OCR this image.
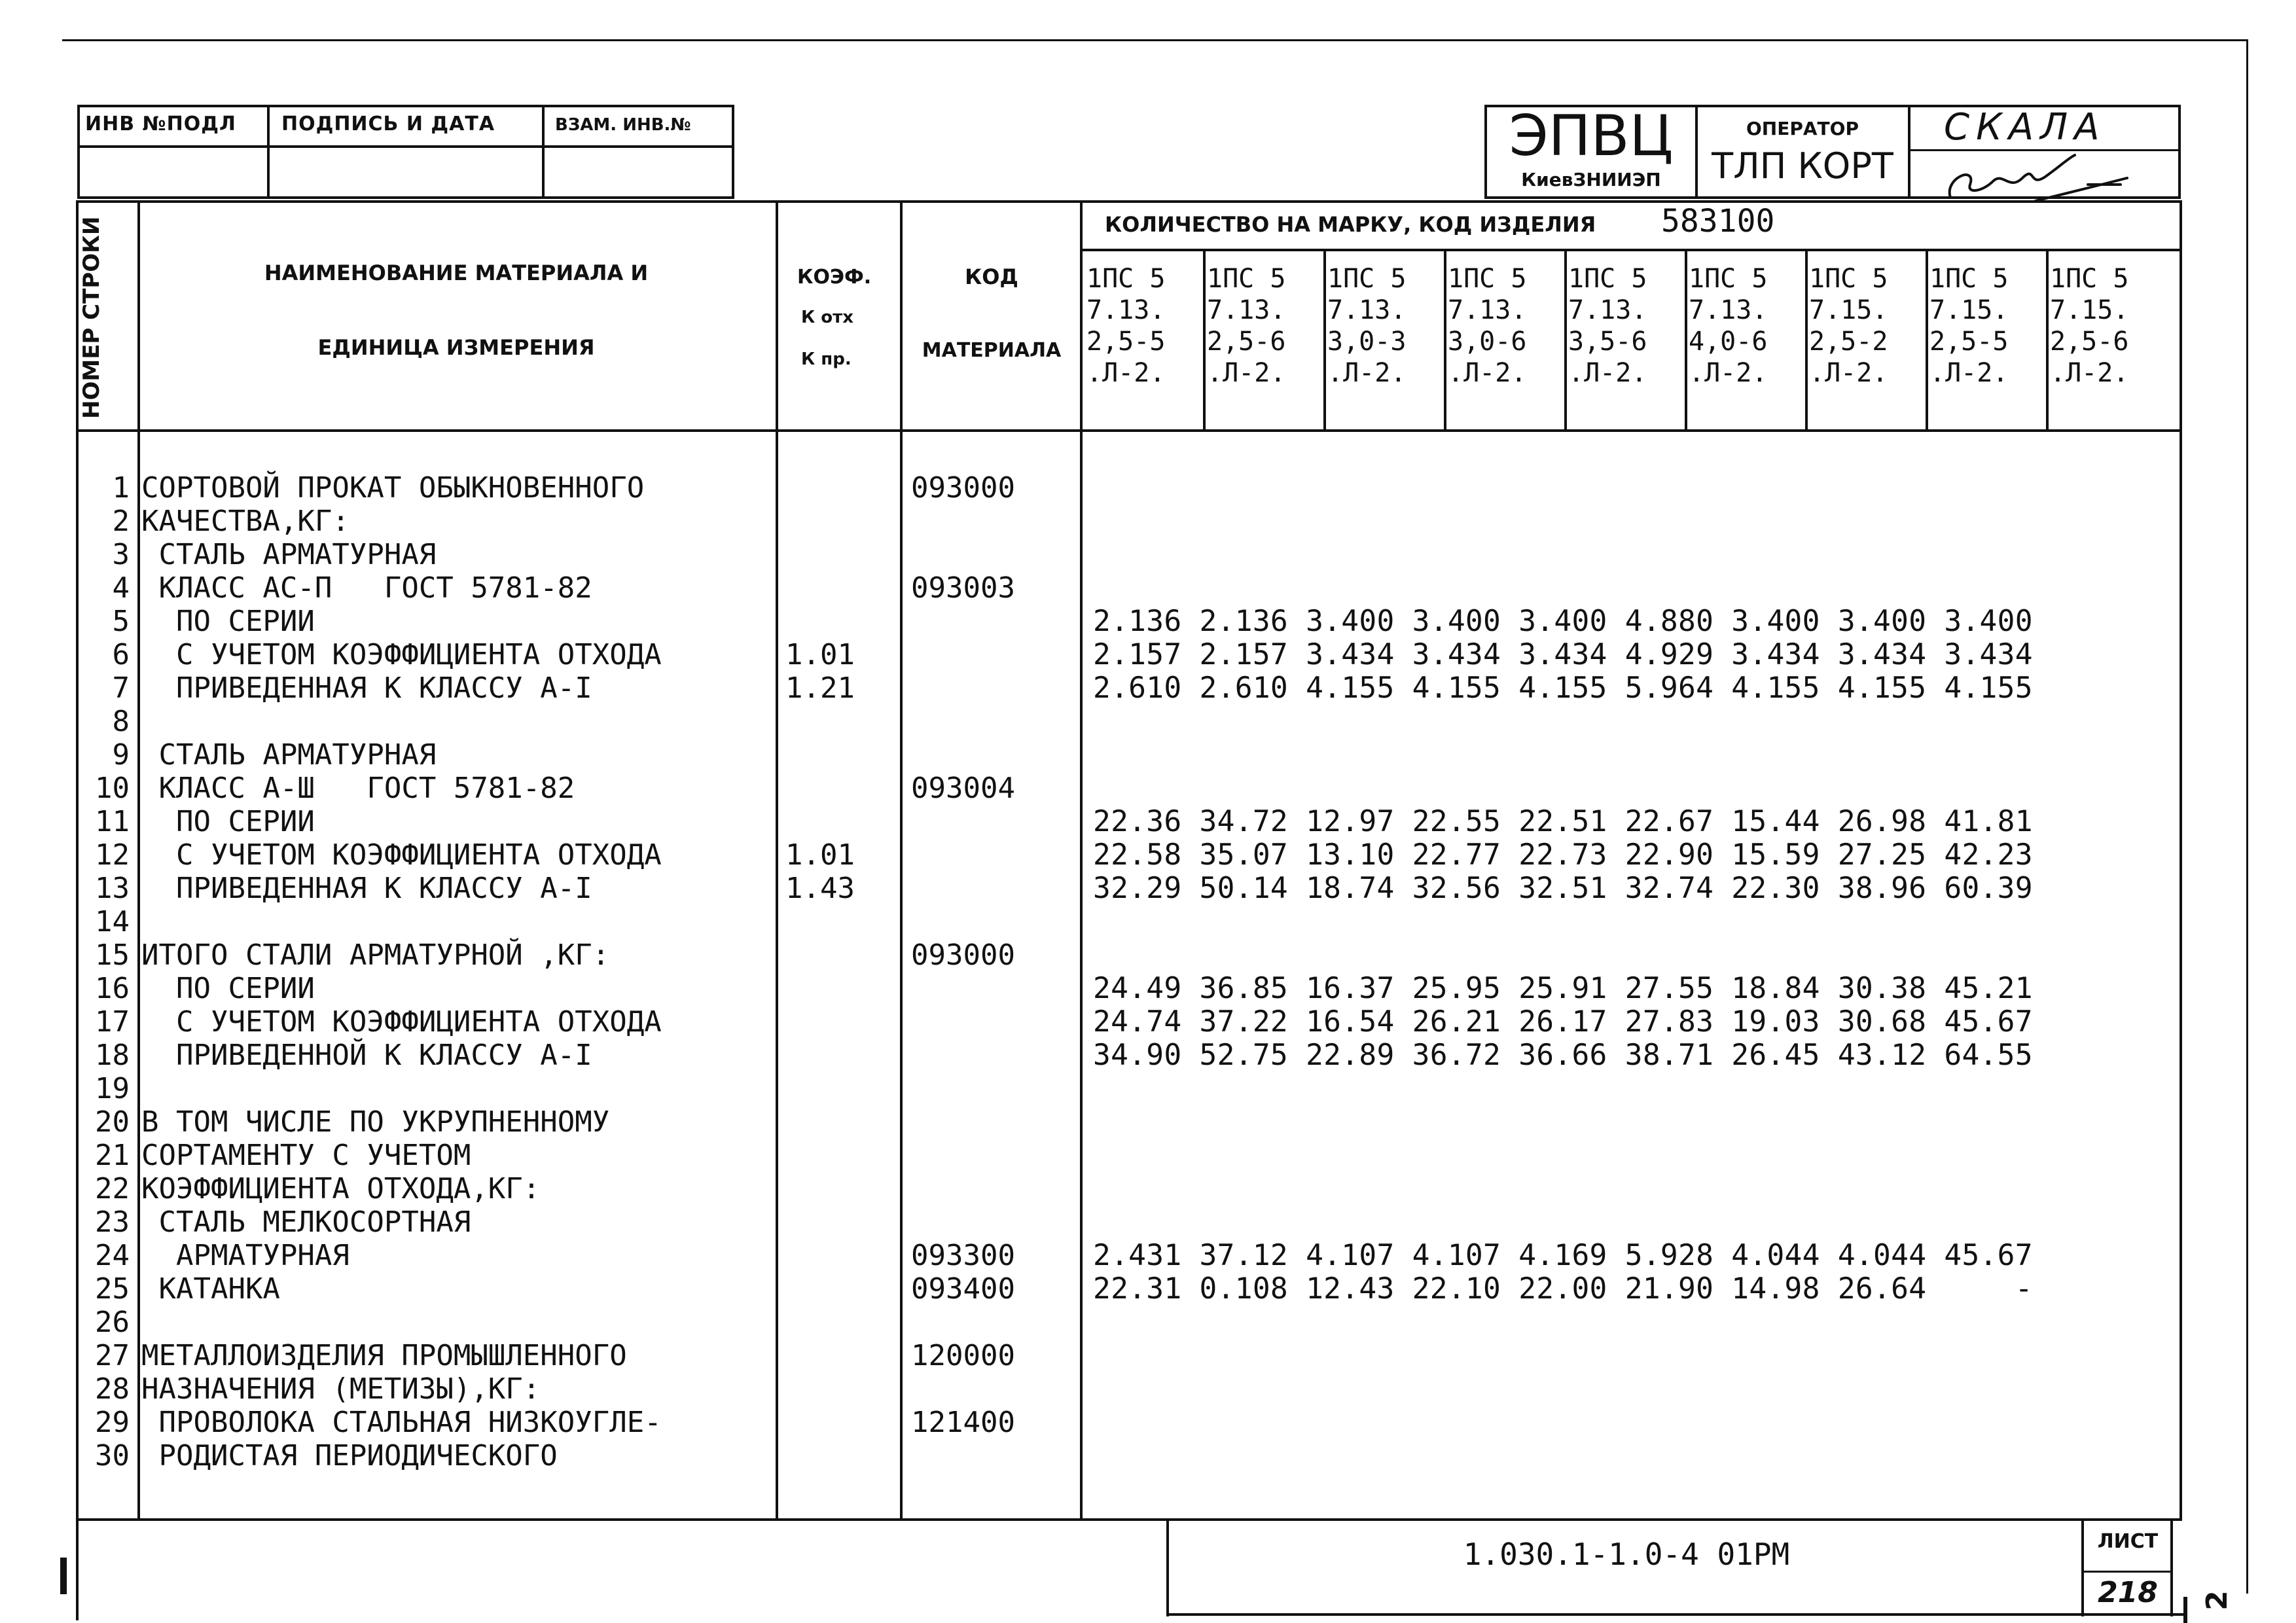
ИНВ №ПОДЛ ПОДПИСЬ И ДАТА	ВЗАМ. ИНВ.№	ЭПВЦ
КиевЗНИИЭП
ОПЕРАТОР
ТЛП КОРТ
СКАЛА
НОМЕР СТРОКИ	НАИМЕНОВАНИЕ МАТЕРИАЛА И
ЕДИНИЦА ИЗМЕРЕНИЯ
КОЭФ.
К отх
К пр.
КОД
МАТЕРИАЛА
КОЛИЧЕСТВО НА МАРКУ, КОД ИЗДЕЛИЯ 583100
1ПС 5
7.13.
2,5-5
.Л-2.
1ПС 5
7.13.
2,5-6
.Л-2.
1ПС 5
7.13.
3,0-3
.Л-2.
1ПС 5
7.13.
3,0-6
.Л-2.
1ПС 5
7.13.
3,5-6
.Л-2.
1ПС 5
7.13.
4,0-6
.Л-2.
1ПС 5
7.15.
2,5-2
.Л-2.
1ПС 5
7.15.
2,5-5
.Л-2.
1ПС 5
7.15.
2,5-6
.Л-2.
1 СОРТОВОЙ ПРОКАТ ОБЫКНОВЕННОГО	093000
2 КАЧЕСТВА,КГ:
3 СТАЛЬ АРМАТУРНАЯ
4 КЛАСС АС-П   ГОСТ 5781-82	093003
5 ПО СЕРИИ	2.136 2.136 3.400 3.400 3.400 4.880 3.400 3.400 3.400
6 С УЧЕТОМ КОЭФФИЦИЕНТА ОТХОДА	1.01	2.157 2.157 3.434 3.434 3.434 4.929 3.434 3.434 3.434
7 ПРИВЕДЕННАЯ К КЛАССУ А-I	1.21	2.610 2.610 4.155 4.155 4.155 5.964 4.155 4.155 4.155
8
9 СТАЛЬ АРМАТУРНАЯ
10 КЛАСС А-Ш   ГОСТ 5781-82	093004
11 ПО СЕРИИ	22.36 34.72 12.97 22.55 22.51 22.67 15.44 26.98 41.81
12 С УЧЕТОМ КОЭФФИЦИЕНТА ОТХОДА	1.01	22.58 35.07 13.10 22.77 22.73 22.90 15.59 27.25 42.23
13 ПРИВЕДЕННАЯ К КЛАССУ А-I	1.43	32.29 50.14 18.74 32.56 32.51 32.74 22.30 38.96 60.39
14
15 ИТОГО СТАЛИ АРМАТУРНОЙ ,КГ:	093000
16 ПО СЕРИИ	24.49 36.85 16.37 25.95 25.91 27.55 18.84 30.38 45.21
17 С УЧЕТОМ КОЭФФИЦИЕНТА ОТХОДА	24.74 37.22 16.54 26.21 26.17 27.83 19.03 30.68 45.67
18 ПРИВЕДЕННОЙ К КЛАССУ А-I	34.90 52.75 22.89 36.72 36.66 38.71 26.45 43.12 64.55
19
20 В ТОМ ЧИСЛЕ ПО УКРУПНЕННОМУ
21 СОРТАМЕНТУ С УЧЕТОМ
22 КОЭФФИЦИЕНТА ОТХОДА,КГ:
23 СТАЛЬ МЕЛКОСОРТНАЯ
24 АРМАТУРНАЯ	093300	2.431 37.12 4.107 4.107 4.169 5.928 4.044 4.044 45.67
25 КАТАНКА	093400	22.31 0.108 12.43 22.10 22.00 21.90 14.98 26.64     -
26
27 МЕТАЛЛОИЗДЕЛИЯ ПРОМЫШЛЕННОГО	120000
28 НАЗНАЧЕНИЯ (МЕТИЗЫ),КГ:
29 ПРОВОЛОКА СТАЛЬНАЯ НИЗКОУГЛЕ-	121400
30 РОДИСТАЯ ПЕРИОДИЧЕСКОГО
1.030.1-1.0-4 01РМ	ЛИСТ
218	2
